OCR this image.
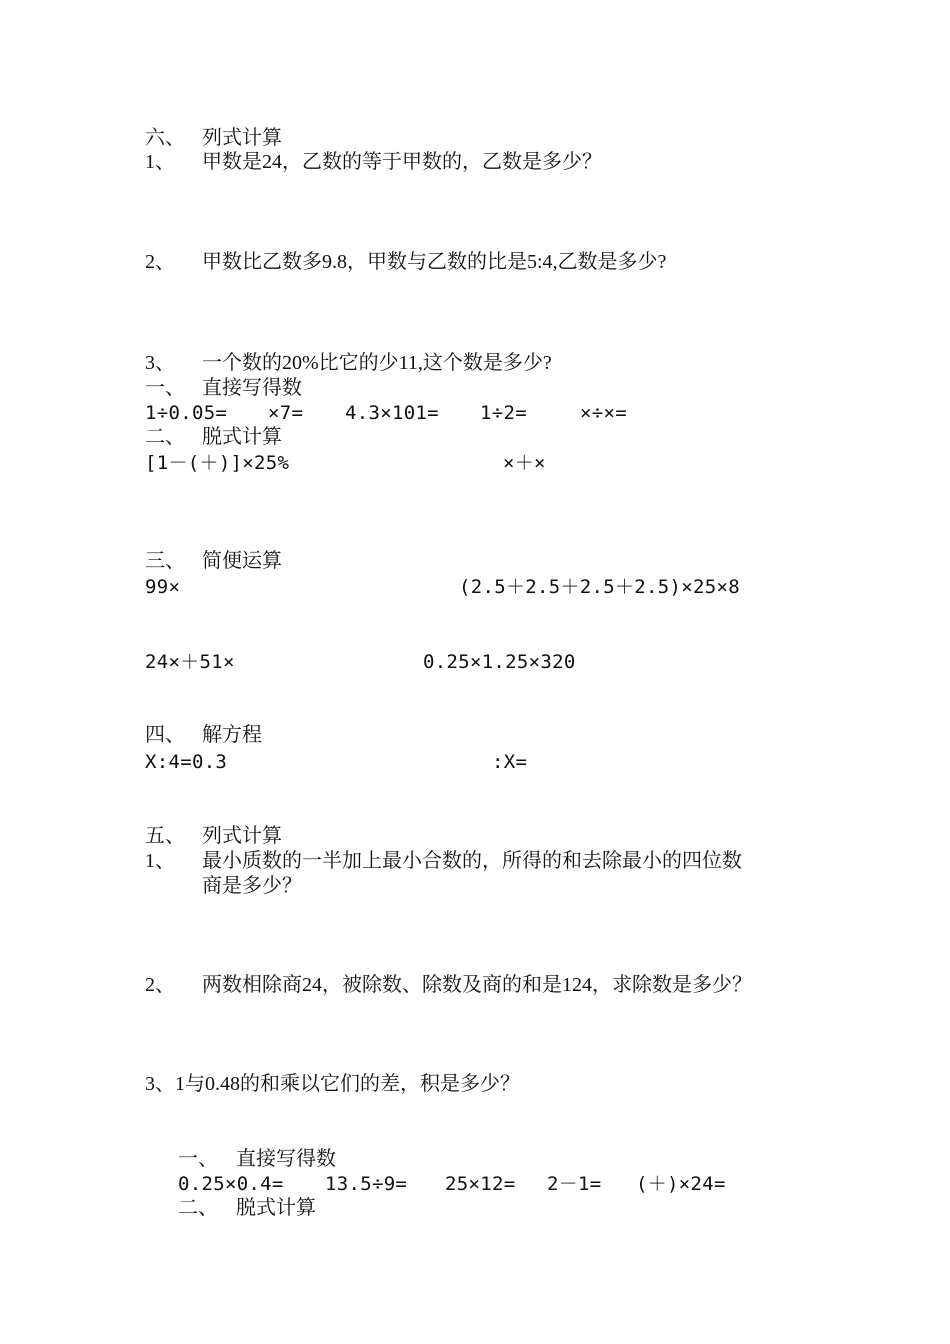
六、 列式计算
1、 甲数是24，乙数的等于甲数的，乙数是多少？
2、 甲数比乙数多9.8，甲数与乙数的比是5:4,乙数是多少?
3、 一个数的20%比它的少11,这个数是多少?
一、 直接写得数
1÷0.05= ×7= 4.3×101= 1÷2=	×÷×=
二、 脱式计算
[1－(＋)]×25%	×＋×
三、 简便运算
99×	(2.5＋2.5＋2.5＋2.5)×25×8
24×＋51×	0.25×1.25×320
四、 解方程
X:4=0.3	:X=
五、 列式计算
1、 最小质数的一半加上最小合数的，所得的和去除最小的四位数
商是多少？
2、 两数相除商24，被除数、除数及商的和是124，求除数是多少？
3、1与0.48的和乘以它们的差，积是多少？
一、 直接写得数
0.25×0.4= 13.5÷9= 25×12= 2－1= (＋)×24=
二、 脱式计算
